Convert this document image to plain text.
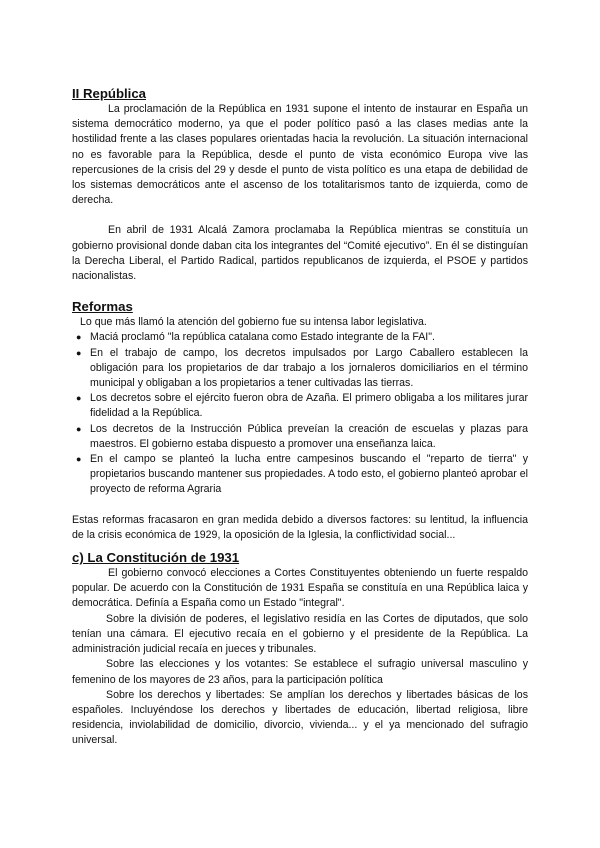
II República

La proclamación de la República en 1931 supone el intento de instaurar en España un sistema democrático moderno, ya que el poder político pasó a las clases medias ante la hostilidad frente a las clases populares orientadas hacia la revolución. La situación internacional no es favorable para la República, desde el punto de vista económico Europa vive las repercusiones de la crisis del 29 y desde el punto de vista político es una etapa de debilidad de los sistemas democráticos ante el ascenso de los totalitarismos tanto de izquierda, como de derecha.

En abril de 1931 Alcalá Zamora proclamaba la República mientras se constituía un gobierno provisional donde daban cita los integrantes del “Comité ejecutivo”. En él se distinguían la Derecha Liberal, el Partido Radical, partidos republicanos de izquierda, el PSOE y partidos nacionalistas.

Reformas

Lo que más llamó la atención del gobierno fue su intensa labor legislativa.

● Maciá proclamó "la república catalana como Estado integrante de la FAI".
● En el trabajo de campo, los decretos impulsados por Largo Caballero establecen la obligación para los propietarios de dar trabajo a los jornaleros domiciliarios en el término municipal y obligaban a los propietarios a tener cultivadas las tierras.
● Los decretos sobre el ejército fueron obra de Azaña. El primero obligaba a los militares jurar fidelidad a la República.
● Los decretos de la Instrucción Pública preveían la creación de escuelas y plazas para maestros. El gobierno estaba dispuesto a promover una enseñanza laica.
● En el campo se planteó la lucha entre campesinos buscando el "reparto de tierra" y propietarios buscando mantener sus propiedades. A todo esto, el gobierno planteó aprobar el proyecto de reforma Agraria

Estas reformas fracasaron en gran medida debido a diversos factores: su lentitud, la influencia de la crisis económica de 1929, la oposición de la Iglesia, la conflictividad social...

c) La Constitución de 1931

El gobierno convocó elecciones a Cortes Constituyentes obteniendo un fuerte respaldo popular. De acuerdo con la Constitución de 1931 España se constituía en una República laica y democrática. Definía a España como un Estado "integral".

Sobre la división de poderes, el legislativo residía en las Cortes de diputados, que solo tenían una cámara. El ejecutivo recaía en el gobierno y el presidente de la República. La administración judicial recaía en jueces y tribunales.

Sobre las elecciones y los votantes: Se establece el sufragio universal masculino y femenino de los mayores de 23 años, para la participación política

Sobre los derechos y libertades: Se amplían los derechos y libertades básicas de los españoles. Incluyéndose los derechos y libertades de educación, libertad religiosa, libre residencia, inviolabilidad de domicilio, divorcio, vivienda... y el ya mencionado del sufragio universal.
